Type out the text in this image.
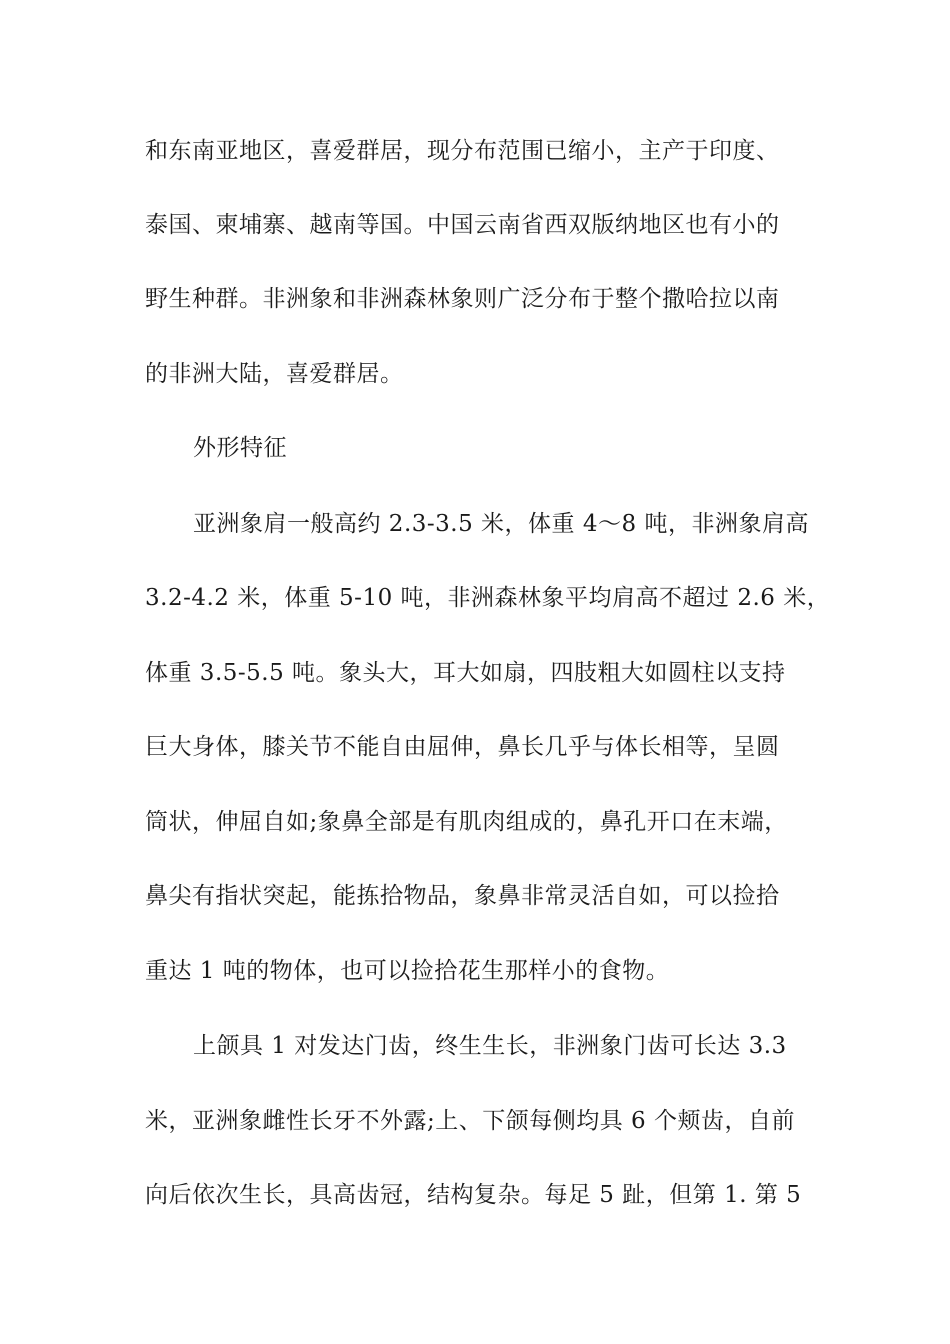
和东南亚地区，喜爱群居，现分布范围已缩小，主产于印度、
泰国、柬埔寨、越南等国。中国云南省西双版纳地区也有小的
野生种群。非洲象和非洲森林象则广泛分布于整个撒哈拉以南
的非洲大陆，喜爱群居。
外形特征
亚洲象肩一般高约 2.3-3.5 米，体重 4～8 吨，非洲象肩高
3.2-4.2 米，体重 5-10 吨，非洲森林象平均肩高不超过 2.6 米，
体重 3.5-5.5 吨。象头大，耳大如扇，四肢粗大如圆柱以支持
巨大身体，膝关节不能自由屈伸，鼻长几乎与体长相等，呈圆
筒状，伸屈自如;象鼻全部是有肌肉组成的，鼻孔开口在末端，
鼻尖有指状突起，能拣拾物品，象鼻非常灵活自如，可以捡拾
重达 1 吨的物体，也可以捡拾花生那样小的食物。
上颌具 1 对发达门齿，终生生长，非洲象门齿可长达 3.3
米，亚洲象雌性长牙不外露;上、下颌每侧均具 6 个颊齿，自前
向后依次生长，具高齿冠，结构复杂。每足 5 趾，但第 1. 第 5
